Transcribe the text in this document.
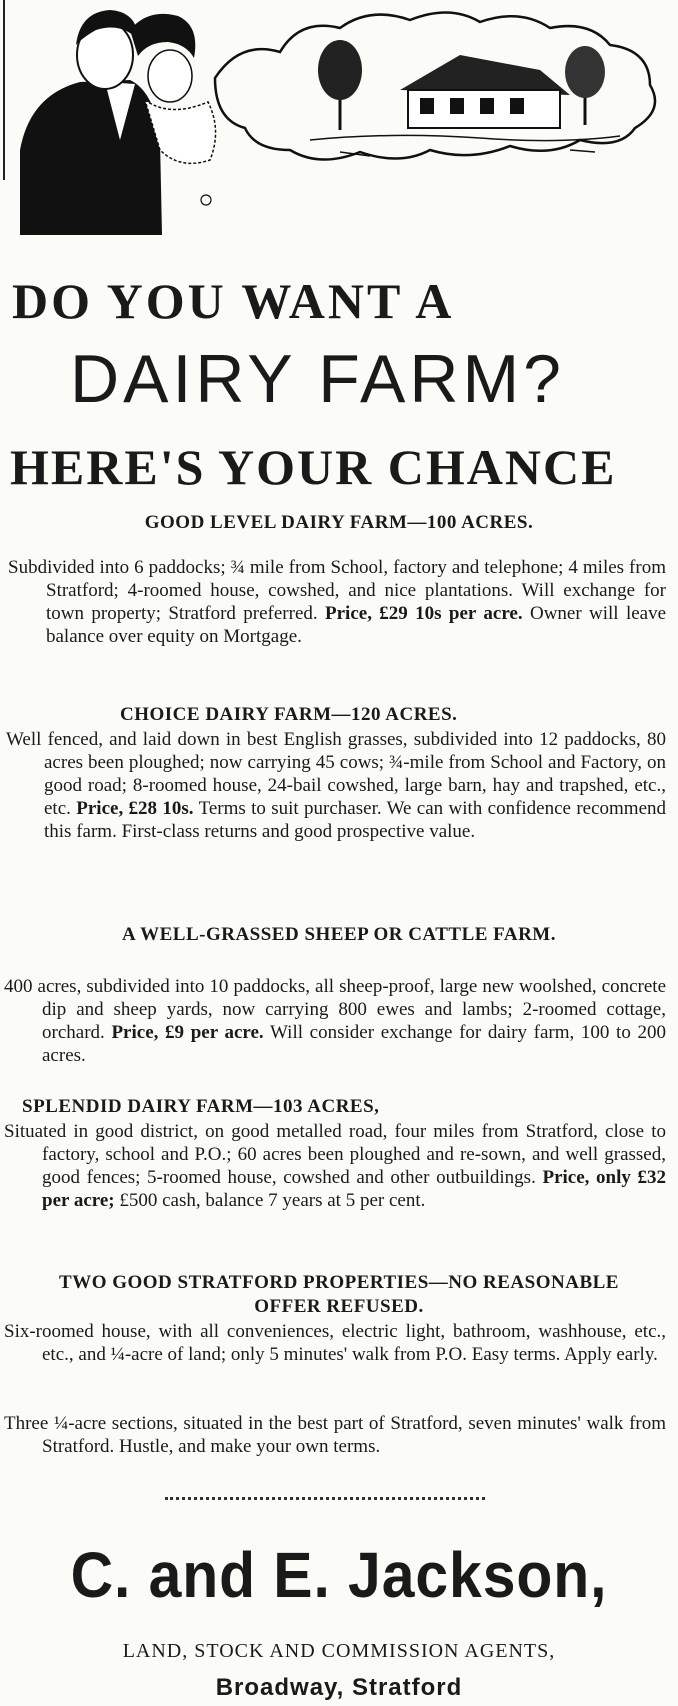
DO YOU WANT A
DAIRY FARM?
HERE'S YOUR CHANCE
GOOD LEVEL DAIRY FARM—100 ACRES.
Subdivided into 6 paddocks; ¾ mile from School, factory and telephone; 4 miles from Stratford; 4-roomed house, cowshed, and nice plantations. Will exchange for town property; Stratford preferred. Price, £29 10s per acre. Owner will leave balance over equity on Mortgage.
CHOICE DAIRY FARM—120 ACRES.
Well fenced, and laid down in best English grasses, subdivided into 12 paddocks, 80 acres been ploughed; now carrying 45 cows; ¾-mile from School and Factory, on good road; 8-roomed house, 24-bail cowshed, large barn, hay and trapshed, etc., etc. Price, £28 10s. Terms to suit purchaser. We can with confidence recommend this farm. First-class returns and good prospective value.
A WELL-GRASSED SHEEP OR CATTLE FARM.
400 acres, subdivided into 10 paddocks, all sheep-proof, large new woolshed, concrete dip and sheep yards, now carrying 800 ewes and lambs; 2-roomed cottage, orchard. Price, £9 per acre. Will consider exchange for dairy farm, 100 to 200 acres.
SPLENDID DAIRY FARM—103 ACRES,
Situated in good district, on good metalled road, four miles from Stratford, close to factory, school and P.O.; 60 acres been ploughed and re-sown, and well grassed, good fences; 5-roomed house, cowshed and other outbuildings. Price, only £32 per acre; £500 cash, balance 7 years at 5 per cent.
TWO GOOD STRATFORD PROPERTIES—NO REASONABLE
OFFER REFUSED.
Six-roomed house, with all conveniences, electric light, bathroom, washhouse, etc., etc., and ¼-acre of land; only 5 minutes' walk from P.O. Easy terms. Apply early.
Three ¼-acre sections, situated in the best part of Stratford, seven minutes' walk from Stratford. Hustle, and make your own terms.
C. and E. Jackson,
LAND, STOCK AND COMMISSION AGENTS,
Broadway, Stratford
